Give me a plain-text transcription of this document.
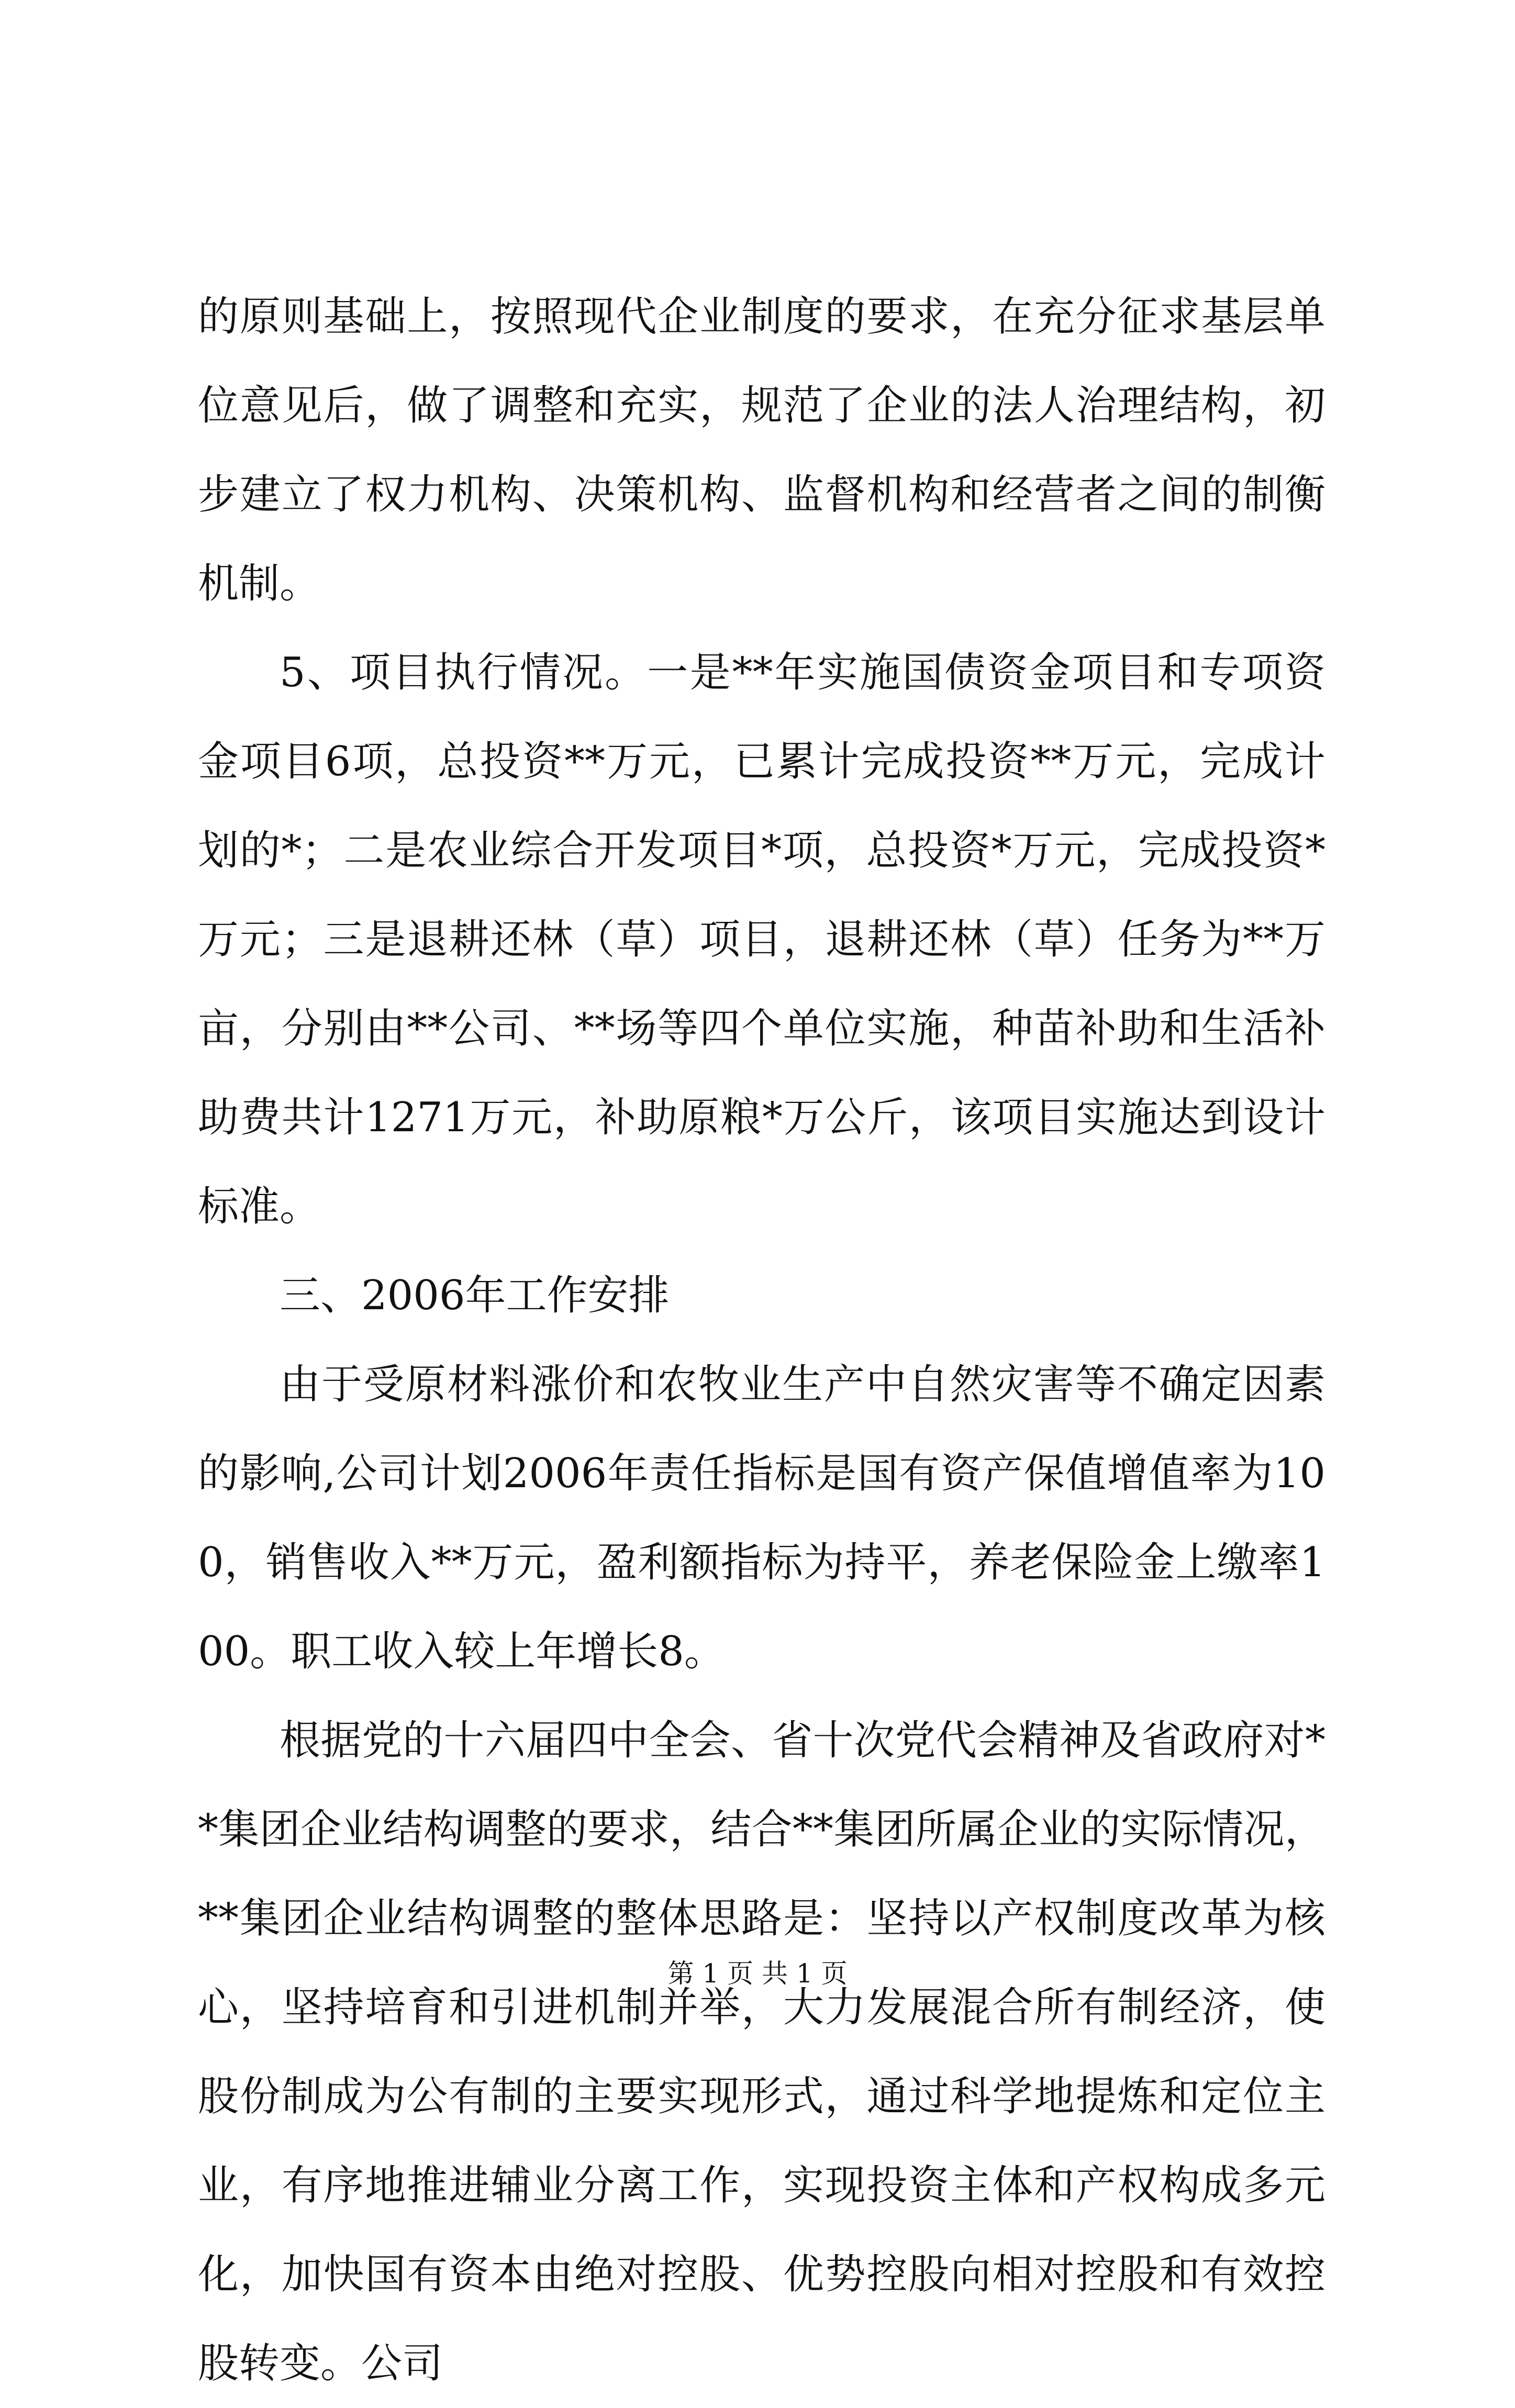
的原则基础上，按照现代企业制度的要求，在充分征求基层单位意见后，做了调整和充实，规范了企业的法人治理结构，初步建立了权力机构、决策机构、监督机构和经营者之间的制衡机制。

5、项目执行情况。一是**年实施国债资金项目和专项资金项目6项，总投资**万元，已累计完成投资**万元，完成计划的*；二是农业综合开发项目*项，总投资*万元，完成投资*万元；三是退耕还林（草）项目，退耕还林（草）任务为**万亩，分别由**公司、**场等四个单位实施，种苗补助和生活补助费共计1271万元，补助原粮*万公斤，该项目实施达到设计标准。

三、2006年工作安排

由于受原材料涨价和农牧业生产中自然灾害等不确定因素的影响,公司计划2006年责任指标是国有资产保值增值率为100，销售收入**万元，盈利额指标为持平，养老保险金上缴率100。职工收入较上年增长8。

根据党的十六届四中全会、省十次党代会精神及省政府对**集团企业结构调整的要求，结合**集团所属企业的实际情况，**集团企业结构调整的整体思路是：坚持以产权制度改革为核心，坚持培育和引进机制并举，大力发展混合所有制经济，使股份制成为公有制的主要实现形式，通过科学地提炼和定位主业，有序地推进辅业分离工作，实现投资主体和产权构成多元化，加快国有资本由绝对控股、优势控股向相对控股和有效控股转变。公司

第 1 页 共 1 页
